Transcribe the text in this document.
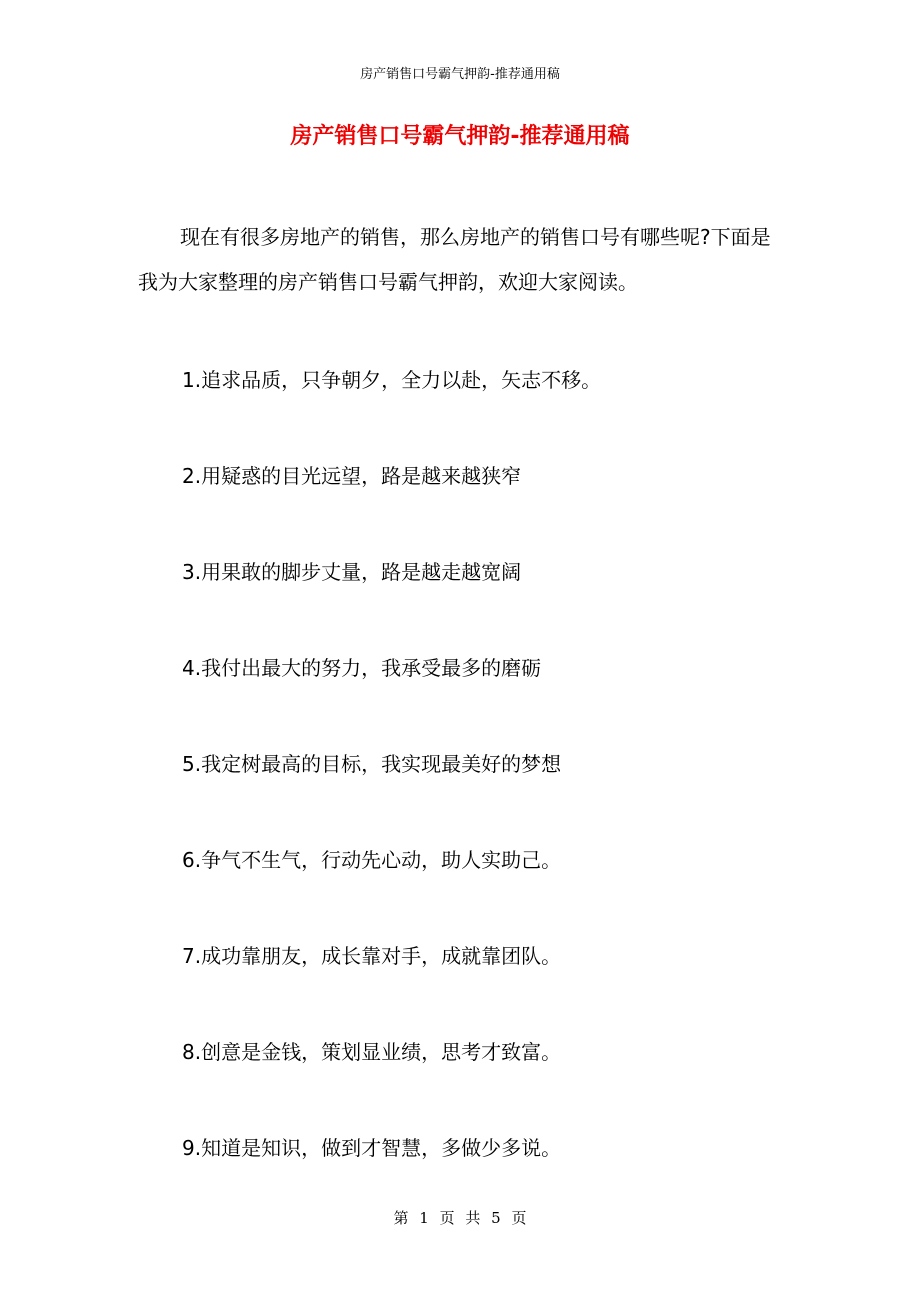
房产销售口号霸气押韵-推荐通用稿
房产销售口号霸气押韵-推荐通用稿

现在有很多房地产的销售，那么房地产的销售口号有哪些呢?下面是我为大家整理的房产销售口号霸气押韵，欢迎大家阅读。

1.追求品质，只争朝夕，全力以赴，矢志不移。
2.用疑惑的目光远望，路是越来越狭窄
3.用果敢的脚步丈量，路是越走越宽阔
4.我付出最大的努力，我承受最多的磨砺
5.我定树最高的目标，我实现最美好的梦想
6.争气不生气，行动先心动，助人实助己。
7.成功靠朋友，成长靠对手，成就靠团队。
8.创意是金钱，策划显业绩，思考才致富。
9.知道是知识，做到才智慧，多做少多说。
第 1 页 共 5 页
